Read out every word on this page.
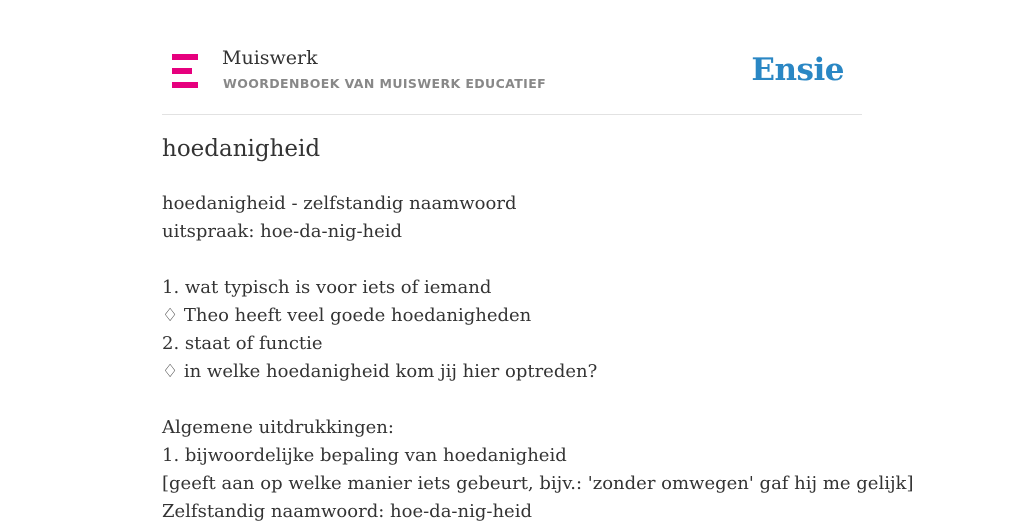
Muiswerk
WOORDENBOEK VAN MUISWERK EDUCATIEF	Ensie
hoedanigheid
hoedanigheid - zelfstandig naamwoord
uitspraak: hoe-da-nig-heid
1. wat typisch is voor iets of iemand
♢ Theo heeft veel goede hoedanigheden
2. staat of functie
♢ in welke hoedanigheid kom jij hier optreden?
Algemene uitdrukkingen:
1. bijwoordelijke bepaling van hoedanigheid
[geeft aan op welke manier iets gebeurt, bijv.: 'zonder omwegen' gaf hij me gelijk]
Zelfstandig naamwoord: hoe-da-nig-heid
